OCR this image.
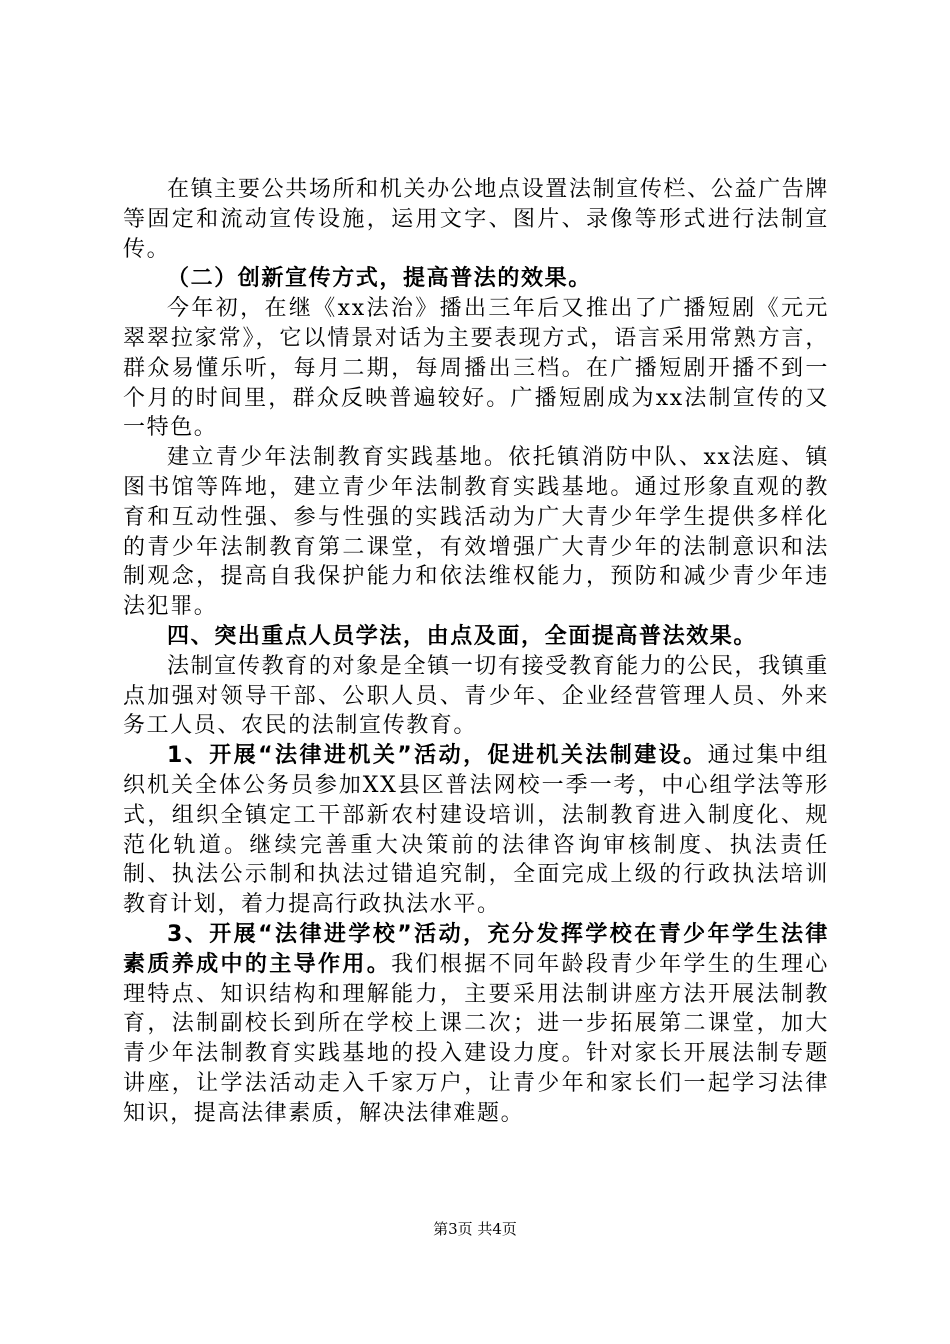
在镇主要公共场所和机关办公地点设置法制宣传栏、公益广告牌等固定和流动宣传设施，运用文字、图片、录像等形式进行法制宣传。

（二）创新宣传方式，提高普法的效果。

今年初，在继《xx法治》播出三年后又推出了广播短剧《元元翠翠拉家常》，它以情景对话为主要表现方式，语言采用常熟方言，群众易懂乐听，每月二期，每周播出三档。在广播短剧开播不到一个月的时间里，群众反映普遍较好。广播短剧成为xx法制宣传的又一特色。

建立青少年法制教育实践基地。依托镇消防中队、xx法庭、镇图书馆等阵地，建立青少年法制教育实践基地。通过形象直观的教育和互动性强、参与性强的实践活动为广大青少年学生提供多样化的青少年法制教育第二课堂，有效增强广大青少年的法制意识和法制观念，提高自我保护能力和依法维权能力，预防和减少青少年违法犯罪。

四、突出重点人员学法，由点及面，全面提高普法效果。

法制宣传教育的对象是全镇一切有接受教育能力的公民，我镇重点加强对领导干部、公职人员、青少年、企业经营管理人员、外来务工人员、农民的法制宣传教育。

1、开展“法律进机关”活动，促进机关法制建设。通过集中组织机关全体公务员参加XX县区普法网校一季一考，中心组学法等形式，组织全镇定工干部新农村建设培训，法制教育进入制度化、规范化轨道。继续完善重大决策前的法律咨询审核制度、执法责任制、执法公示制和执法过错追究制，全面完成上级的行政执法培训教育计划，着力提高行政执法水平。

3、开展“法律进学校”活动，充分发挥学校在青少年学生法律素质养成中的主导作用。我们根据不同年龄段青少年学生的生理心理特点、知识结构和理解能力，主要采用法制讲座方法开展法制教育，法制副校长到所在学校上课二次；进一步拓展第二课堂，加大青少年法制教育实践基地的投入建设力度。针对家长开展法制专题讲座，让学法活动走入千家万户，让青少年和家长们一起学习法律知识，提高法律素质，解决法律难题。

第3页 共4页
